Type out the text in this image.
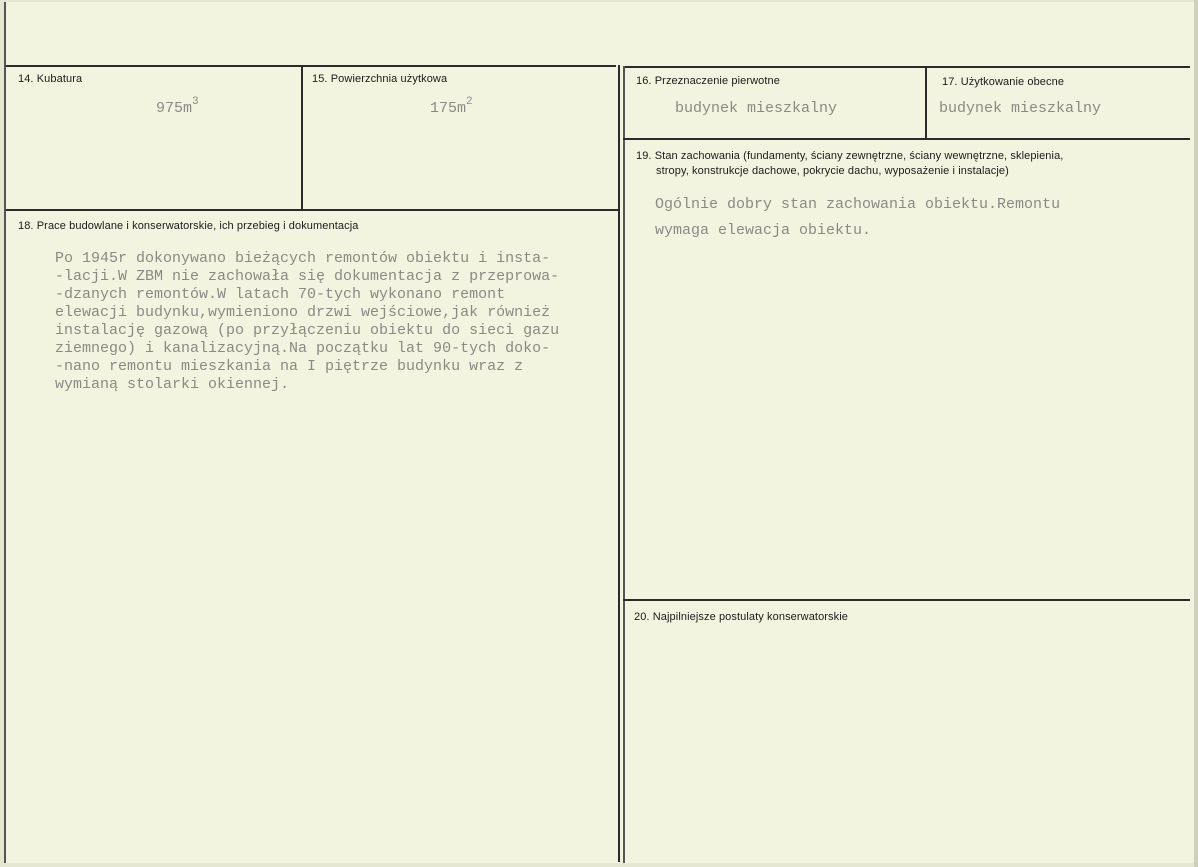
14. Kubatura
$975m^3$
15. Powierzchnia użytkowa
$175m^2$
16. Przeznaczenie pierwotne
budynek mieszkalny
17. Użytkowanie obecne
budynek mieszkalny
18. Prace budowlane i konserwatorskie, ich przebieg i dokumentacja
Po 1945r dokonywano bieżących remontów obiektu i insta-
-lacji.W ZBM nie zachowała się dokumentacja z przeprowa-
-dzanych remontów.W latach 70-tych wykonano remont
elewacji budynku,wymieniono drzwi wejściowe,jak również
instalację gazową (po przyłączeniu obiektu do sieci gazu
ziemnego) i kanalizacyjną.Na początku lat 90-tych doko-
-nano remontu mieszkania na I piętrze budynku wraz z
wymianą stolarki okiennej.
19. Stan zachowania (fundamenty, ściany zewnętrzne, ściany wewnętrzne, sklepienia,
stropy, konstrukcje dachowe, pokrycie dachu, wyposażenie i instalacje)
Ogólnie dobry stan zachowania obiektu.Remontu
wymaga elewacja obiektu.
20. Najpilniejsze postulaty konserwatorskie
